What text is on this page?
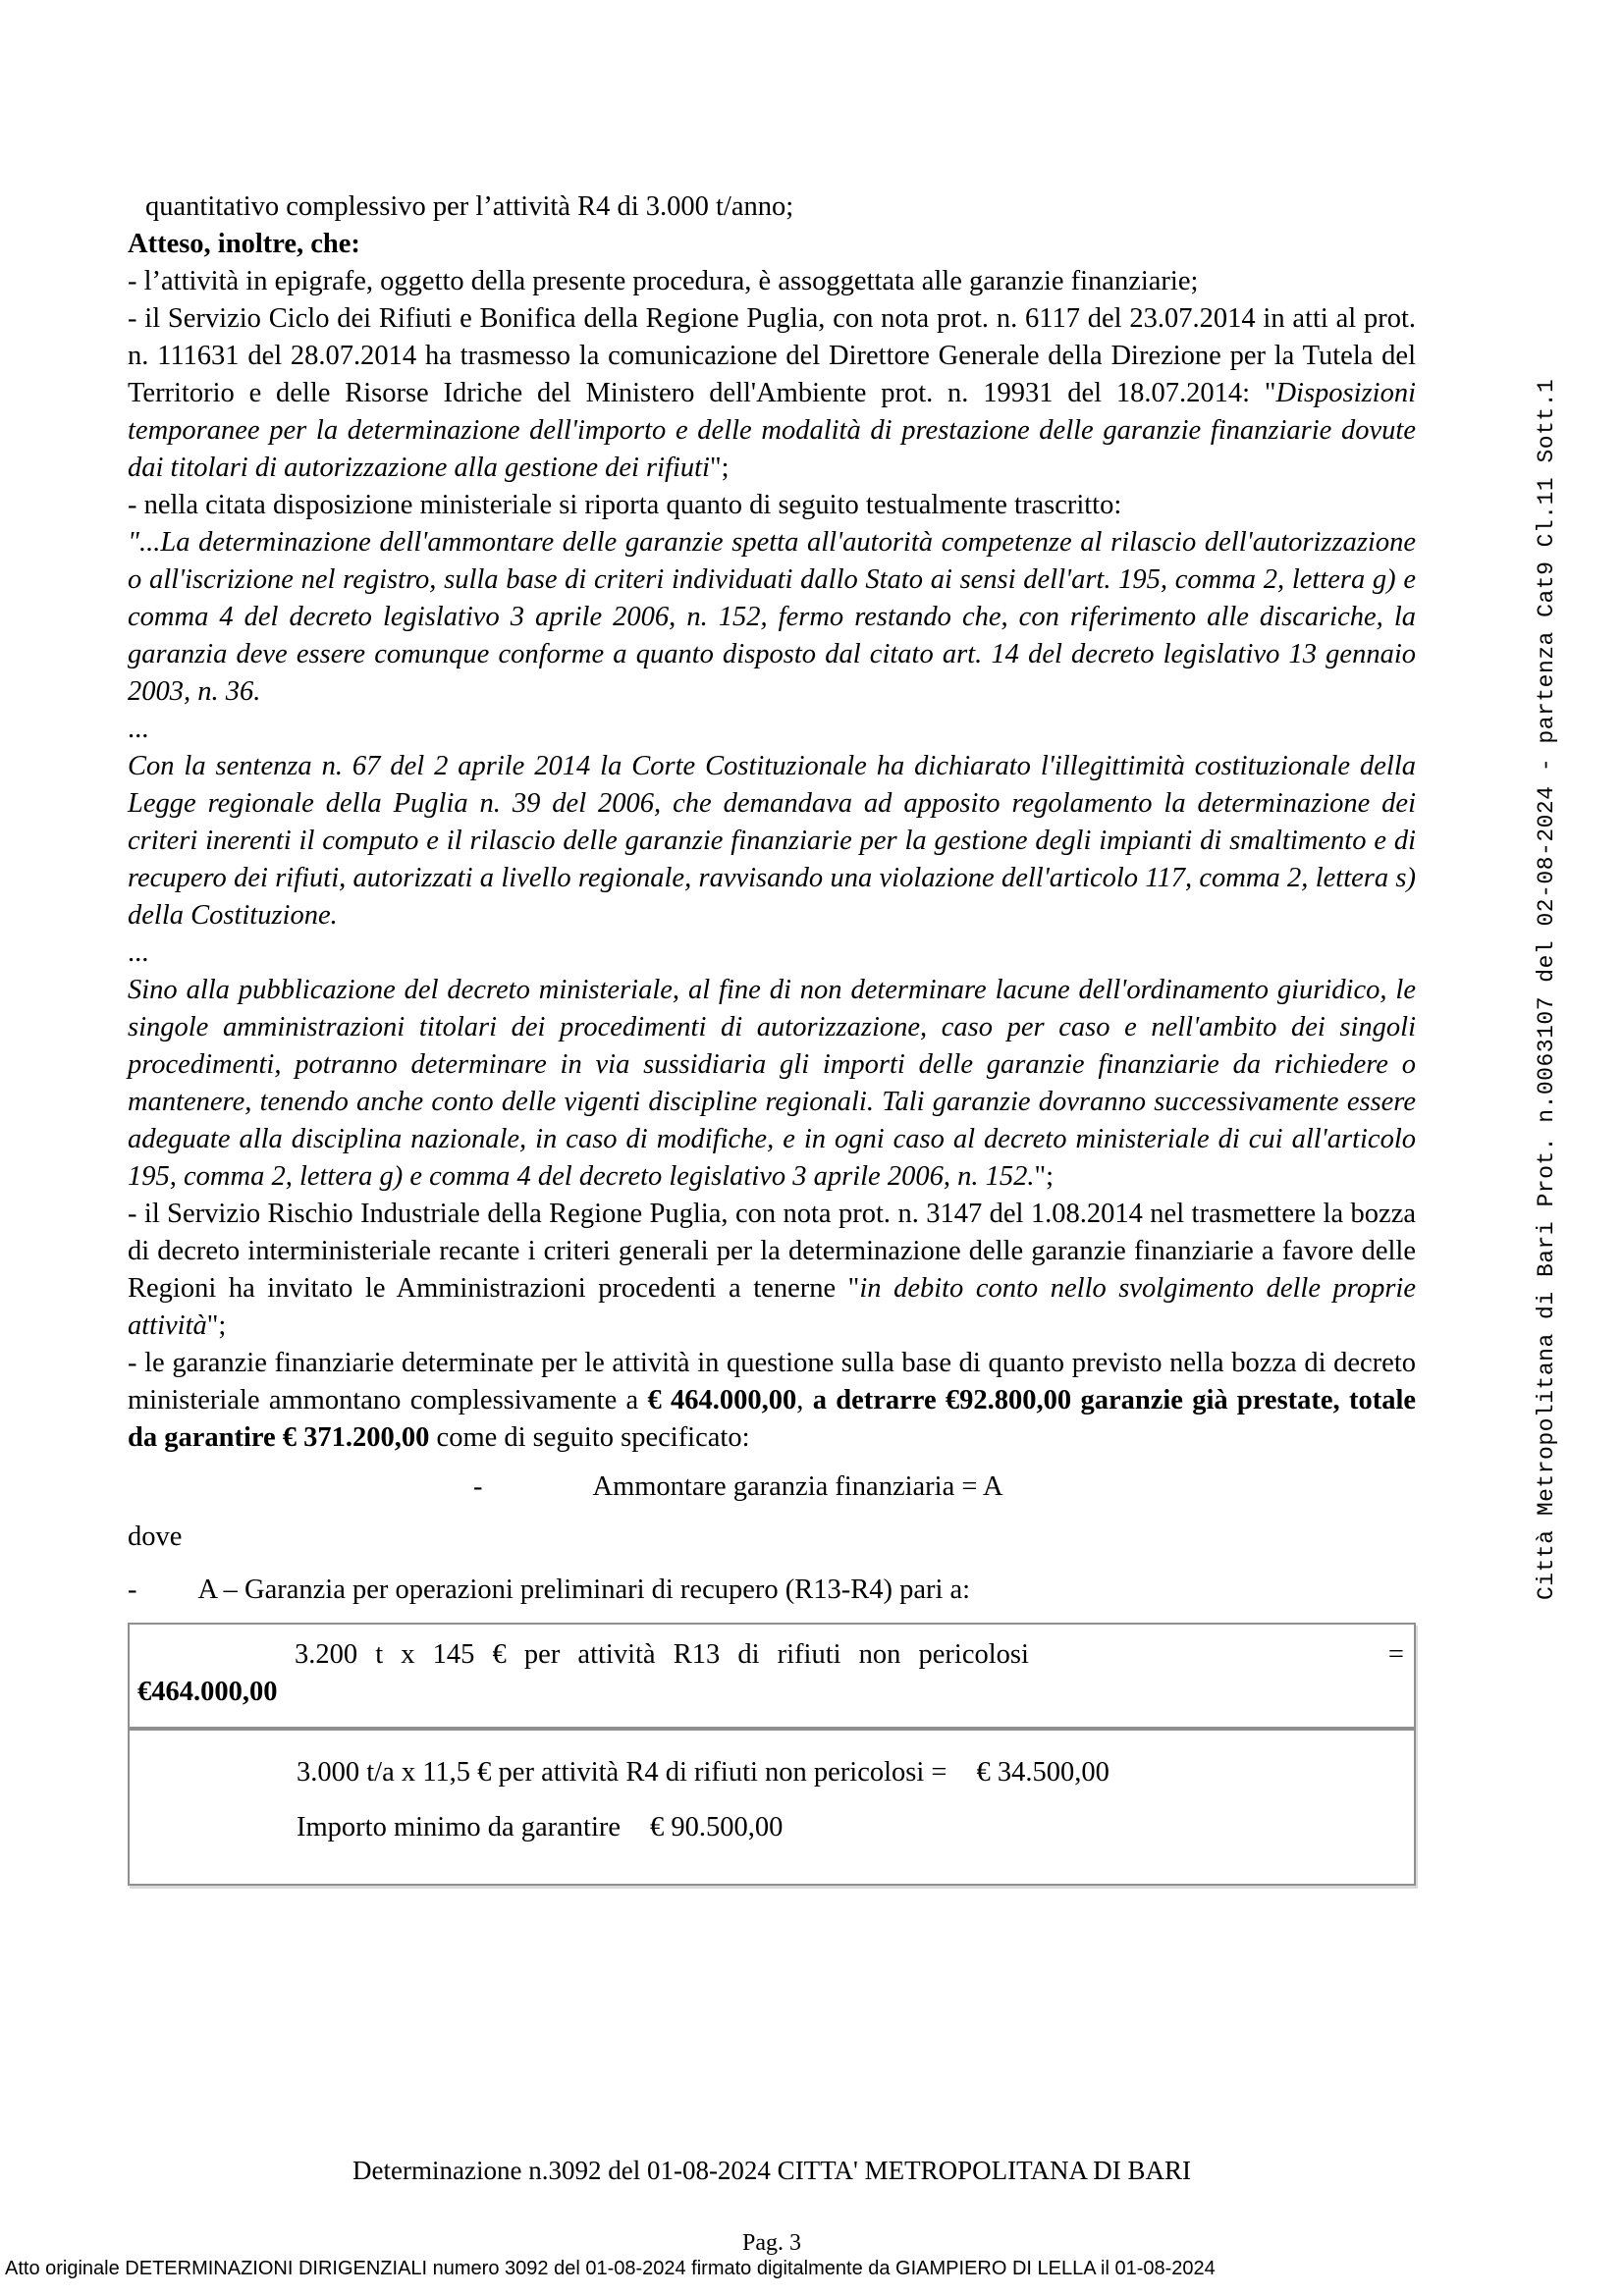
quantitativo complessivo per l’attività R4 di 3.000 t/anno;

Atteso, inoltre, che:

- l’attività in epigrafe, oggetto della presente procedura, è assoggettata alle garanzie finanziarie;

- il Servizio Ciclo dei Rifiuti e Bonifica della Regione Puglia, con nota prot. n. 6117 del 23.07.2014 in atti al prot. n. 111631 del 28.07.2014 ha trasmesso la comunicazione del Direttore Generale della Direzione per la Tutela del Territorio e delle Risorse Idriche del Ministero dell'Ambiente prot. n. 19931 del 18.07.2014: "Disposizioni temporanee per la determinazione dell'importo e delle modalità di prestazione delle garanzie finanziarie dovute dai titolari di autorizzazione alla gestione dei rifiuti";

- nella citata disposizione ministeriale si riporta quanto di seguito testualmente trascritto:

"...La determinazione dell'ammontare delle garanzie spetta all'autorità competenze al rilascio dell'autorizzazione o all'iscrizione nel registro, sulla base di criteri individuati dallo Stato ai sensi dell'art. 195, comma 2, lettera g) e comma 4 del decreto legislativo 3 aprile 2006, n. 152, fermo restando che, con riferimento alle discariche, la garanzia deve essere comunque conforme a quanto disposto dal citato art. 14 del decreto legislativo 13 gennaio 2003, n. 36.

...

Con la sentenza n. 67 del 2 aprile 2014 la Corte Costituzionale ha dichiarato l'illegittimità costituzionale della Legge regionale della Puglia n. 39 del 2006, che demandava ad apposito regolamento la determinazione dei criteri inerenti il computo e il rilascio delle garanzie finanziarie per la gestione degli impianti di smaltimento e di recupero dei rifiuti, autorizzati a livello regionale, ravvisando una violazione dell'articolo 117, comma 2, lettera s) della Costituzione.

...

Sino alla pubblicazione del decreto ministeriale, al fine di non determinare lacune dell'ordinamento giuridico, le singole amministrazioni titolari dei procedimenti di autorizzazione, caso per caso e nell'ambito dei singoli procedimenti, potranno determinare in via sussidiaria gli importi delle garanzie finanziarie da richiedere o mantenere, tenendo anche conto delle vigenti discipline regionali. Tali garanzie dovranno successivamente essere adeguate alla disciplina nazionale, in caso di modifiche, e in ogni caso al decreto ministeriale di cui all'articolo 195, comma 2, lettera g) e comma 4 del decreto legislativo 3 aprile 2006, n. 152.";

- il Servizio Rischio Industriale della Regione Puglia, con nota prot. n. 3147 del 1.08.2014 nel trasmettere la bozza di decreto interministeriale recante i criteri generali per la determinazione delle garanzie finanziarie a favore delle Regioni ha invitato le Amministrazioni procedenti a tenerne "in debito conto nello svolgimento delle proprie attività";

- le garanzie finanziarie determinate per le attività in questione sulla base di quanto previsto nella bozza di decreto ministeriale ammontano complessivamente a € 464.000,00, a detrarre €92.800,00 garanzie già prestate, totale da garantire € 371.200,00 come di seguito specificato:

-	Ammontare garanzia finanziaria = A
dove
- A – Garanzia per operazioni preliminari di recupero (R13-R4) pari a:
3.200 t x 145 € per attività R13 di rifiuti non pericolosi	=
€464.000,00
3.000 t/a x 11,5 € per attività R4 di rifiuti non pericolosi = € 34.500,00
Importo minimo da garantire € 90.500,00
Determinazione n.3092 del 01-08-2024 CITTA' METROPOLITANA DI BARI
Pag. 3
Atto originale DETERMINAZIONI DIRIGENZIALI numero 3092 del 01-08-2024 firmato digitalmente da GIAMPIERO DI LELLA il 01-08-2024
Città Metropolitana di Bari Prot. n.0063107 del 02-08-2024 - partenza Cat9 Cl.11 Sott.1
